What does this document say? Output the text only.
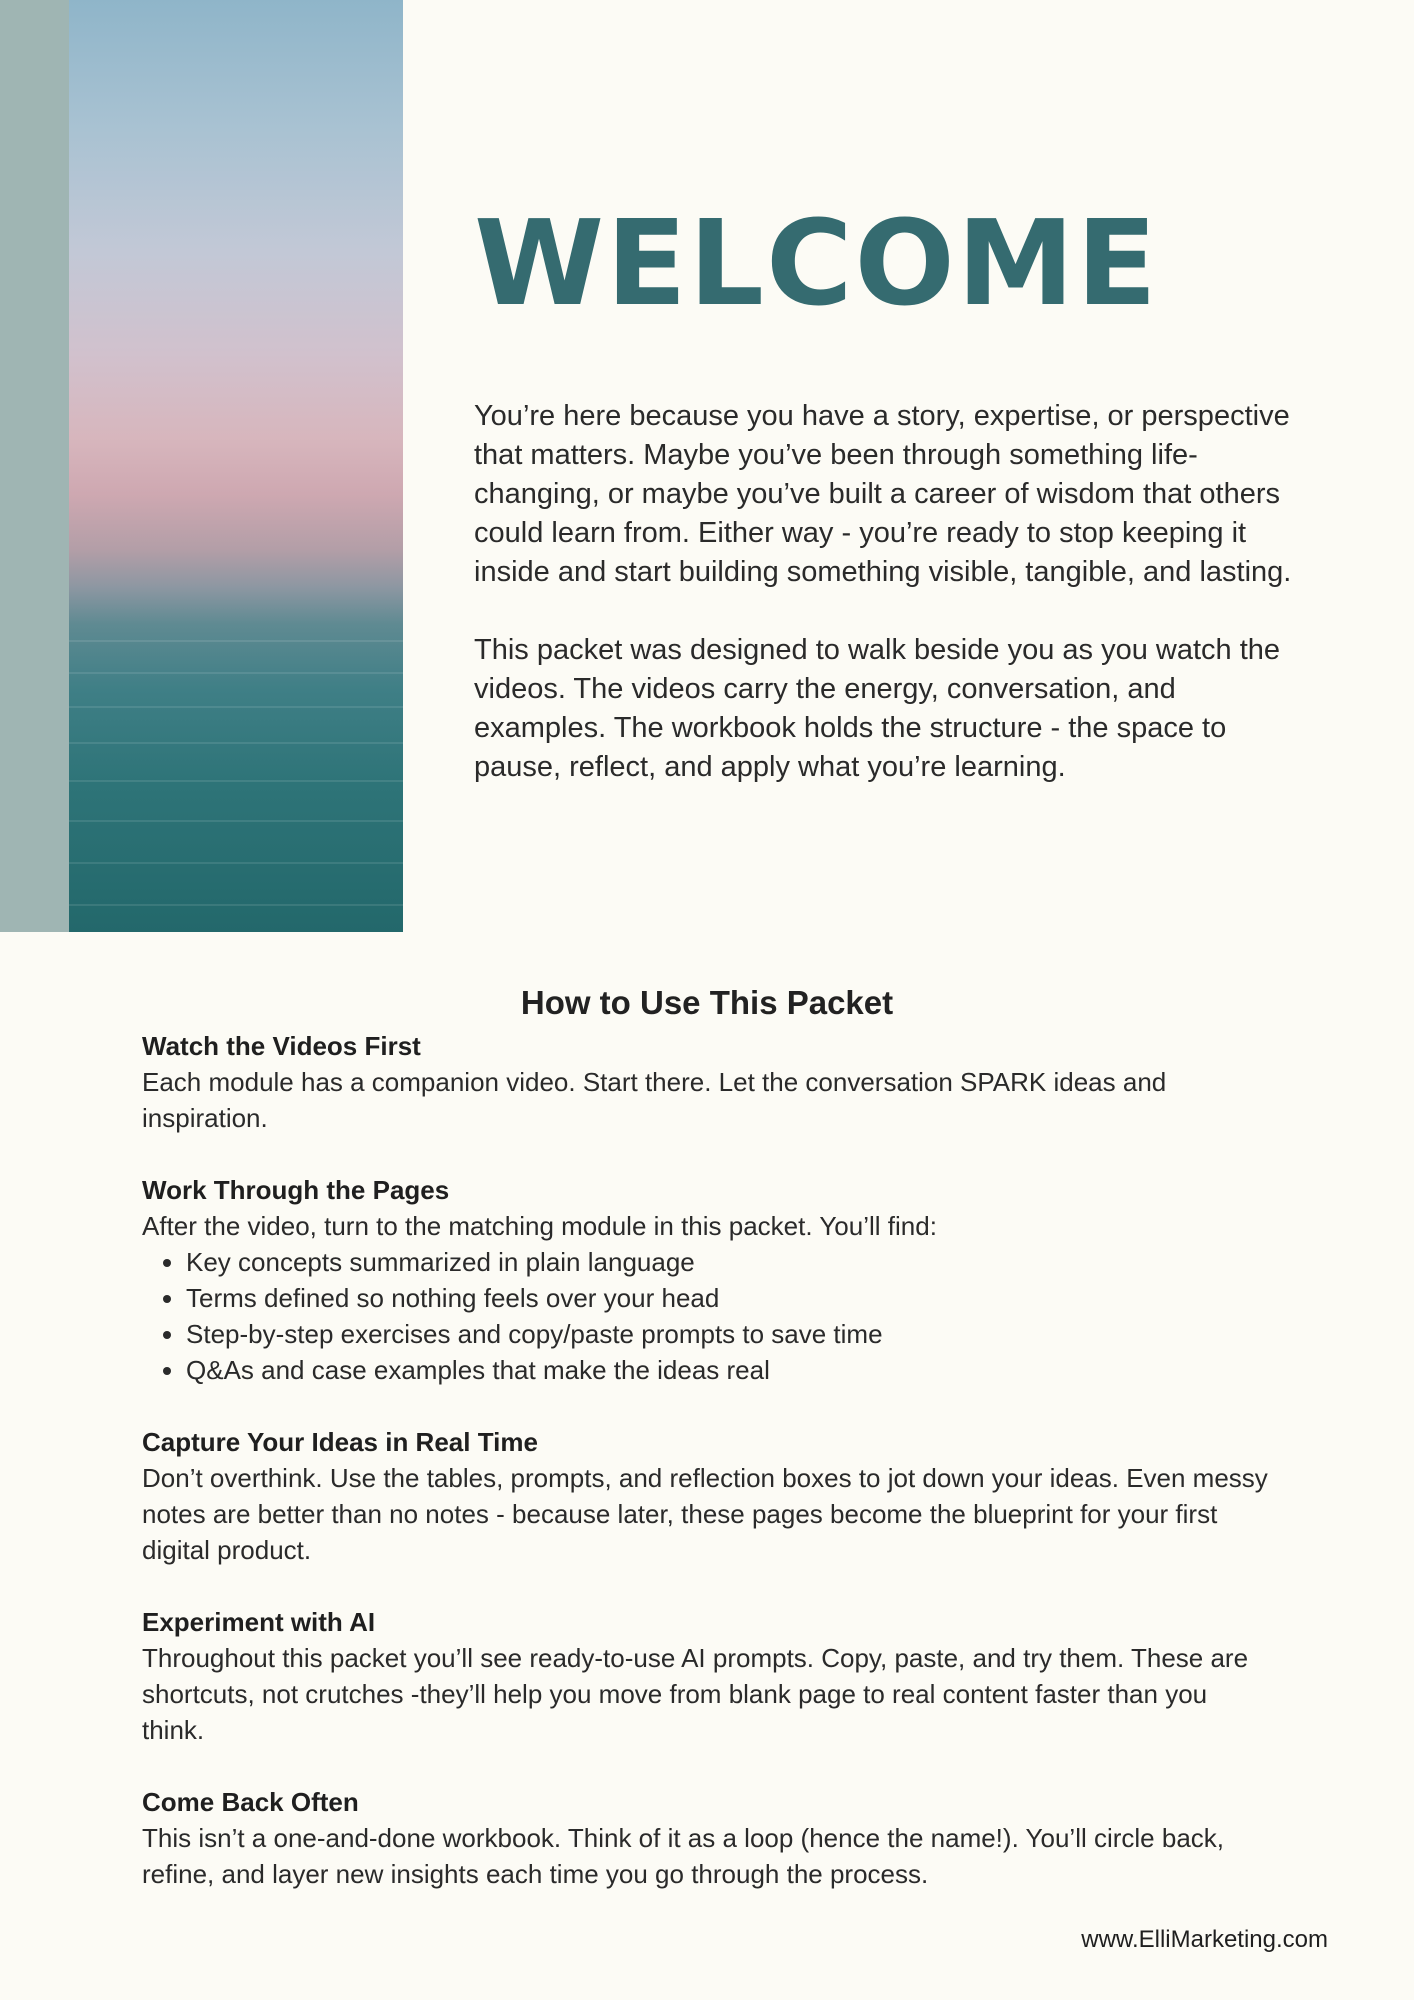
WELCOME

You’re here because you have a story, expertise, or perspective that matters. Maybe you’ve been through something life-changing, or maybe you’ve built a career of wisdom that others could learn from. Either way - you’re ready to stop keeping it inside and start building something visible, tangible, and lasting.

This packet was designed to walk beside you as you watch the videos. The videos carry the energy, conversation, and examples. The workbook holds the structure - the space to pause, reflect, and apply what you’re learning.

How to Use This Packet
Watch the Videos First

Each module has a companion video. Start there. Let the conversation SPARK ideas and inspiration.

Work Through the Pages

After the video, turn to the matching module in this packet. You’ll find:

• Key concepts summarized in plain language
• Terms defined so nothing feels over your head
• Step-by-step exercises and copy/paste prompts to save time
• Q&As and case examples that make the ideas real
Capture Your Ideas in Real Time

Don’t overthink. Use the tables, prompts, and reflection boxes to jot down your ideas. Even messy notes are better than no notes - because later, these pages become the blueprint for your first digital product.

Experiment with AI

Throughout this packet you’ll see ready-to-use AI prompts. Copy, paste, and try them. These are shortcuts, not crutches -they’ll help you move from blank page to real content faster than you think.

Come Back Often

This isn’t a one-and-done workbook. Think of it as a loop (hence the name!). You’ll circle back, refine, and layer new insights each time you go through the process.

www.ElliMarketing.com
